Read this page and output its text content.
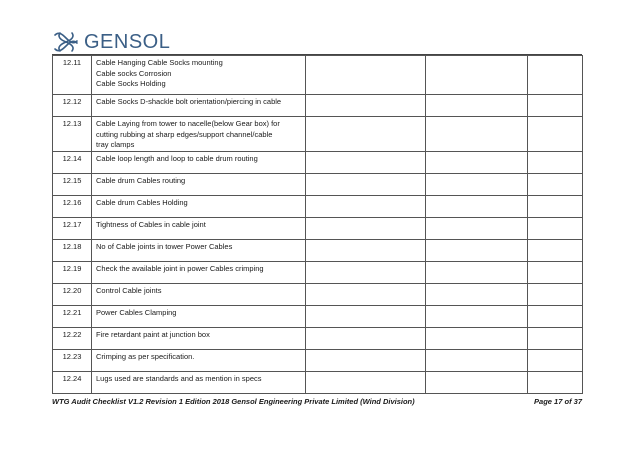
GENSOL
12.11	Cable Hanging Cable Socks mounting
Cable socks Corrosion
Cable Socks Holding			

12.12	Cable Socks D-shackle bolt orientation/piercing in cable			

12.13	Cable Laying from tower to nacelle(below Gear box) for
cutting rubbing at sharp edges/support channel/cable
tray clamps			

12.14	Cable loop length and loop to cable drum routing			

12.15	Cable drum Cables routing			

12.16	Cable drum Cables Holding			

12.17	Tightness of Cables in cable joint			

12.18	No of Cable joints in tower Power Cables			

12.19	Check the available joint in power Cables crimping			

12.20	Control Cable joints			

12.21	Power Cables Clamping			

12.22	Fire retardant paint at junction box			

12.23	Crimping as per specification.			

12.24	Lugs used are standards and as mention in specs			

WTG Audit Checklist V1.2 Revision 1 Edition 2018 Gensol Engineering Private Limited (Wind Division)	Page 17 of 37
